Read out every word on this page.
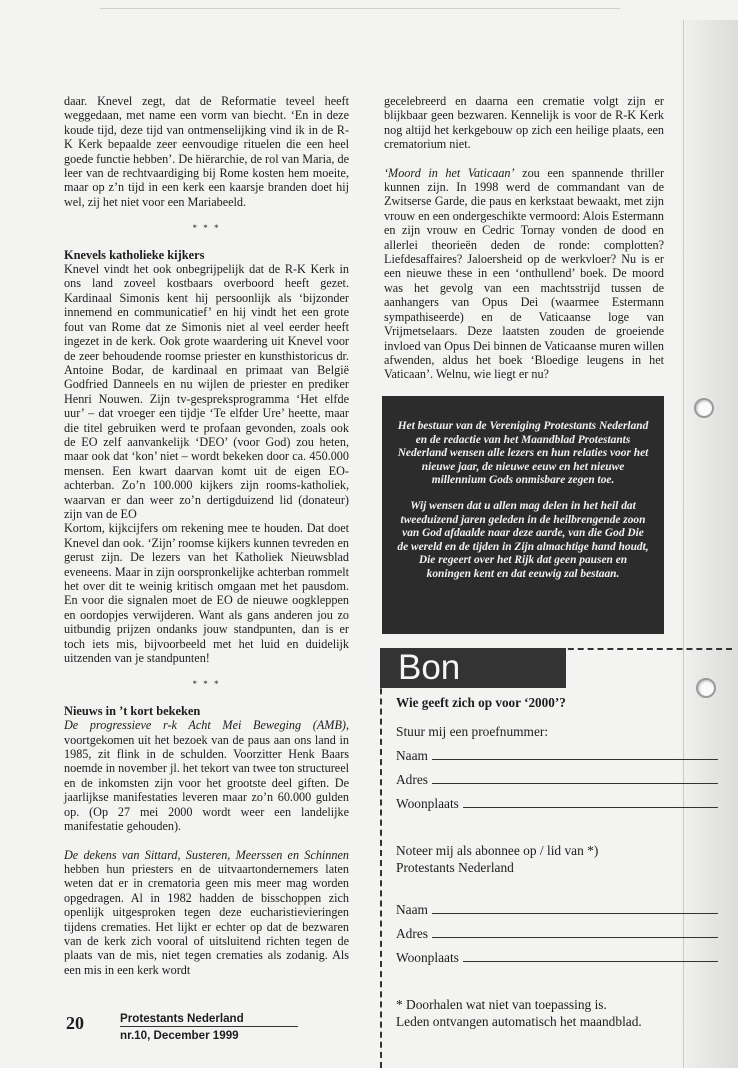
daar. Knevel zegt, dat de Reformatie teveel heeft weggedaan, met name een vorm van biecht. ‘En in deze koude tijd, deze tijd van ontmenselijking vind ik in de R-K Kerk bepaalde zeer eenvoudige rituelen die een heel goede functie hebben’. De hiërarchie, de rol van Maria, de leer van de rechtvaardiging bij Rome kosten hem moeite, maar op z’n tijd in een kerk een kaarsje branden doet hij wel, zij het niet voor een Mariabeeld.

* * *

Knevels katholieke kijkers

Knevel vindt het ook onbegrijpelijk dat de R-K Kerk in ons land zoveel kostbaars overboord heeft gezet. Kardinaal Simonis kent hij persoonlijk als ‘bijzonder innemend en communicatief’ en hij vindt het een grote fout van Rome dat ze Simonis niet al veel eerder heeft ingezet in de kerk. Ook grote waardering uit Knevel voor de zeer behoudende roomse priester en kunsthistoricus dr. Antoine Bodar, de kardinaal en primaat van België Godfried Danneels en nu wijlen de priester en prediker Henri Nouwen. Zijn tv-gespreksprogramma ‘Het elfde uur’ – dat vroeger een tijdje ‘Te elfder Ure’ heette, maar die titel gebruiken werd te profaan gevonden, zoals ook de EO zelf aanvankelijk ‘DEO’ (voor God) zou heten, maar ook dat ‘kon’ niet – wordt bekeken door ca. 450.000 mensen. Een kwart daarvan komt uit de eigen EO-achterban. Zo’n 100.000 kijkers zijn rooms-katholiek, waarvan er dan weer zo’n dertigduizend lid (donateur) zijn van de EO

Kortom, kijkcijfers om rekening mee te houden. Dat doet Knevel dan ook. ‘Zijn’ roomse kijkers kunnen tevreden en gerust zijn. De lezers van het Katholiek Nieuwsblad eveneens. Maar in zijn oorspronkelijke achterban rommelt het over dit te weinig kritisch omgaan met het pausdom. En voor die signalen moet de EO de nieuwe oogkleppen en oordopjes verwijderen. Want als gans anderen jou zo uitbundig prijzen ondanks jouw standpunten, dan is er toch iets mis, bijvoorbeeld met het luid en duidelijk uitzenden van je standpunten!

* * *

Nieuws in ’t kort bekeken

De progressieve r-k Acht Mei Beweging (AMB), voortgekomen uit het bezoek van de paus aan ons land in 1985, zit flink in de schulden. Voorzitter Henk Baars noemde in november jl. het tekort van twee ton structureel en de inkomsten zijn voor het grootste deel giften. De jaarlijkse manifestaties leveren maar zo’n 60.000 gulden op. (Op 27 mei 2000 wordt weer een landelijke manifestatie gehouden).

De dekens van Sittard, Susteren, Meerssen en Schinnen hebben hun priesters en de uitvaartondernemers laten weten dat er in crematoria geen mis meer mag worden opgedragen. Al in 1982 hadden de bisschoppen zich openlijk uitgesproken tegen deze eucharistievieringen tijdens crematies. Het lijkt er echter op dat de bezwaren van de kerk zich vooral of uitsluitend richten tegen de plaats van de mis, niet tegen crematies als zodanig. Als een mis in een kerk wordt

gecelebreerd en daarna een crematie volgt zijn er blijkbaar geen bezwaren. Kennelijk is voor de R-K Kerk nog altijd het kerkgebouw op zich een heilige plaats, een crematorium niet.

‘Moord in het Vaticaan’ zou een spannende thriller kunnen zijn. In 1998 werd de commandant van de Zwitserse Garde, die paus en kerkstaat bewaakt, met zijn vrouw en een ondergeschikte vermoord: Alois Estermann en zijn vrouw en Cedric Tornay vonden de dood en allerlei theorieën deden de ronde: complotten? Liefdesaffaires? Jaloersheid op de werkvloer? Nu is er een nieuwe these in een ‘onthullend’ boek. De moord was het gevolg van een machtsstrijd tussen de aanhangers van Opus Dei (waarmee Estermann sympathiseerde) en de Vaticaanse loge van Vrijmetselaars. Deze laatsten zouden de groeiende invloed van Opus Dei binnen de Vaticaanse muren willen afwenden, aldus het boek ‘Bloedige leugens in het Vaticaan’. Welnu, wie liegt er nu?

Het bestuur van de Vereniging Protestants Nederland en de redactie van het Maandblad Protestants Nederland wensen alle lezers en hun relaties voor het nieuwe jaar, de nieuwe eeuw en het nieuwe millennium Gods onmisbare zegen toe.

Wij wensen dat u allen mag delen in het heil dat tweeduizend jaren geleden in de heilbrengende zoon van God afdaalde naar deze aarde, van die God Die de wereld en de tijden in Zijn almachtige hand houdt, Die regeert over het Rijk dat geen pausen en koningen kent en dat eeuwig zal bestaan.

Bon
Wie geeft zich op voor ‘2000’?
Stuur mij een proefnummer:
Naam
Adres
Woonplaats
Noteer mij als abonnee op / lid van *)
Protestants Nederland
Naam
Adres
Woonplaats
* Doorhalen wat niet van toepassing is.
Leden ontvangen automatisch het maandblad.
20	Protestants Nederland
nr.10, December 1999
